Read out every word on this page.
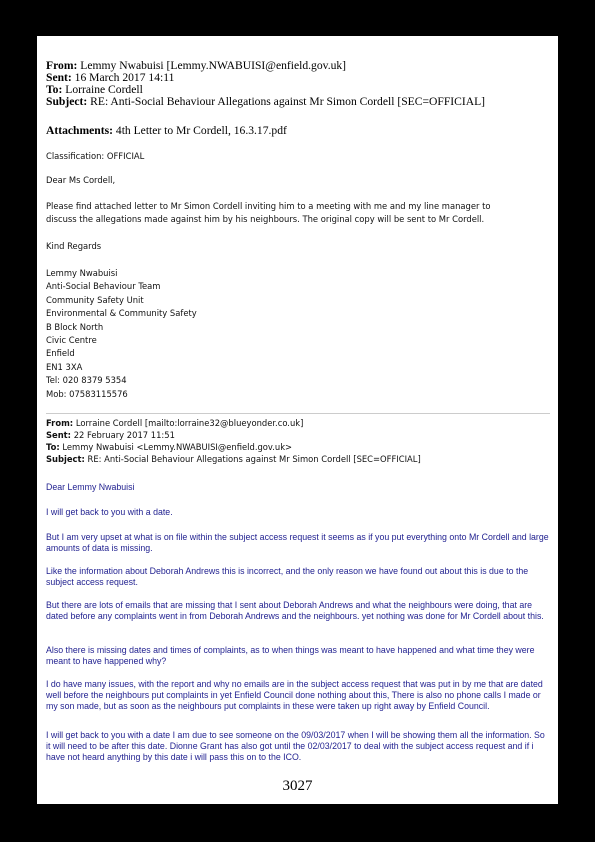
From: Lemmy Nwabuisi [Lemmy.NWABUISI@enfield.gov.uk]
Sent: 16 March 2017 14:11
To: Lorraine Cordell
Subject: RE: Anti-Social Behaviour Allegations against Mr Simon Cordell [SEC=OFFICIAL]
Attachments: 4th Letter to Mr Cordell, 16.3.17.pdf
Classification: OFFICIAL
Dear Ms Cordell,
Please find attached letter to Mr Simon Cordell inviting him to a meeting with me and my line manager to
discuss the allegations made against him by his neighbours. The original copy will be sent to Mr Cordell.
Kind Regards
Lemmy Nwabuisi
Anti-Social Behaviour Team
Community Safety Unit
Environmental & Community Safety
B Block North
Civic Centre
Enfield
EN1 3XA
Tel: 020 8379 5354
Mob: 07583115576
From: Lorraine Cordell [mailto:lorraine32@blueyonder.co.uk]
Sent: 22 February 2017 11:51
To: Lemmy Nwabuisi <Lemmy.NWABUISI@enfield.gov.uk>
Subject: RE: Anti-Social Behaviour Allegations against Mr Simon Cordell [SEC=OFFICIAL]
Dear Lemmy Nwabuisi
I will get back to you with a date.
But I am very upset at what is on file within the subject access request it seems as if you put everything onto Mr Cordell and large amounts of data is missing.
Like the information about Deborah Andrews this is incorrect, and the only reason we have found out about this is due to the subject access request.
But there are lots of emails that are missing that I sent about Deborah Andrews and what the neighbours were doing, that are dated before any complaints went in from Deborah Andrews and the neighbours. yet nothing was done for Mr Cordell about this.
Also there is missing dates and times of complaints, as to when things was meant to have happened and what time they were meant to have happened why?
I do have many issues, with the report and why no emails are in the subject access request that was put in by me that are dated well before the neighbours put complaints in yet Enfield Council done nothing about this, There is also no phone calls I made or my son made, but as soon as the neighbours put complaints in these were taken up right away by Enfield Council.
I will get back to you with a date I am due to see someone on the 09/03/2017 when I will be showing them all the information. So it will need to be after this date. Dionne Grant has also got until the 02/03/2017 to deal with the subject access request and if i have not heard anything by this date i will pass this on to the ICO.
3027
